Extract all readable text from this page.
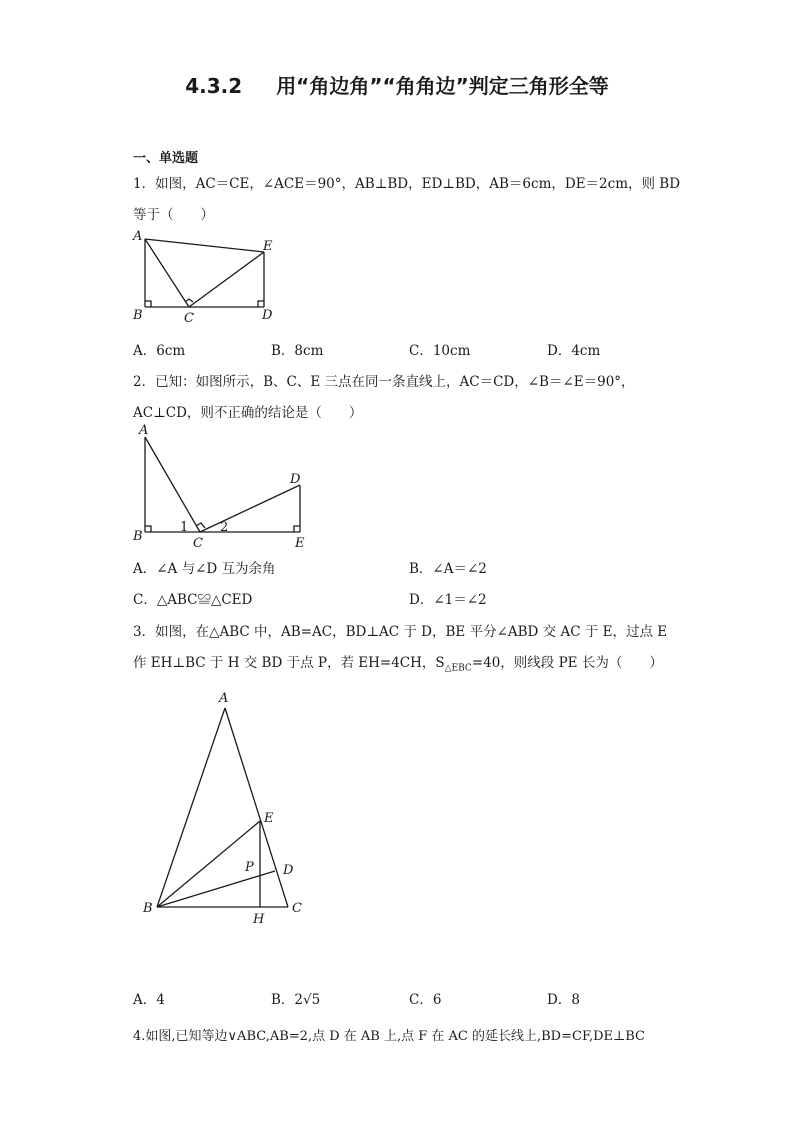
4.3.2 用“角边角”“角角边”判定三角形全等
一、单选题
1．如图，AC＝CE，∠ACE＝90°，AB⊥BD，ED⊥BD，AB＝6cm，DE＝2cm，则 BD
等于（　　）
A
B	C	D
E
A．6cm	B．8cm	C．10cm	D．4cm
2．已知：如图所示，B、C、E 三点在同一条直线上，AC＝CD，∠B＝∠E＝90°，
AC⊥CD，则不正确的结论是（　　）
A
B	C
D
E
1 2
A．∠A 与∠D 互为余角	B．∠A＝∠2
C．△ABC≌△CED	D．∠1＝∠2
3．如图，在△ABC 中，AB=AC，BD⊥AC 于 D，BE 平分∠ABD 交 AC 于 E，过点 E
作 EH⊥BC 于 H 交 BD 于点 P，若 EH=4CH，$S_{\triangle EBC}=40$，则线段 PE 长为（　　）
A
B	C
D
E
H
P
A．4	B．2√5	C．6	D．8
4.如图,已知等边∨ABC,AB=2,点 D 在 AB 上,点 F 在 AC 的延长线上,BD=CF,DE⊥BC
